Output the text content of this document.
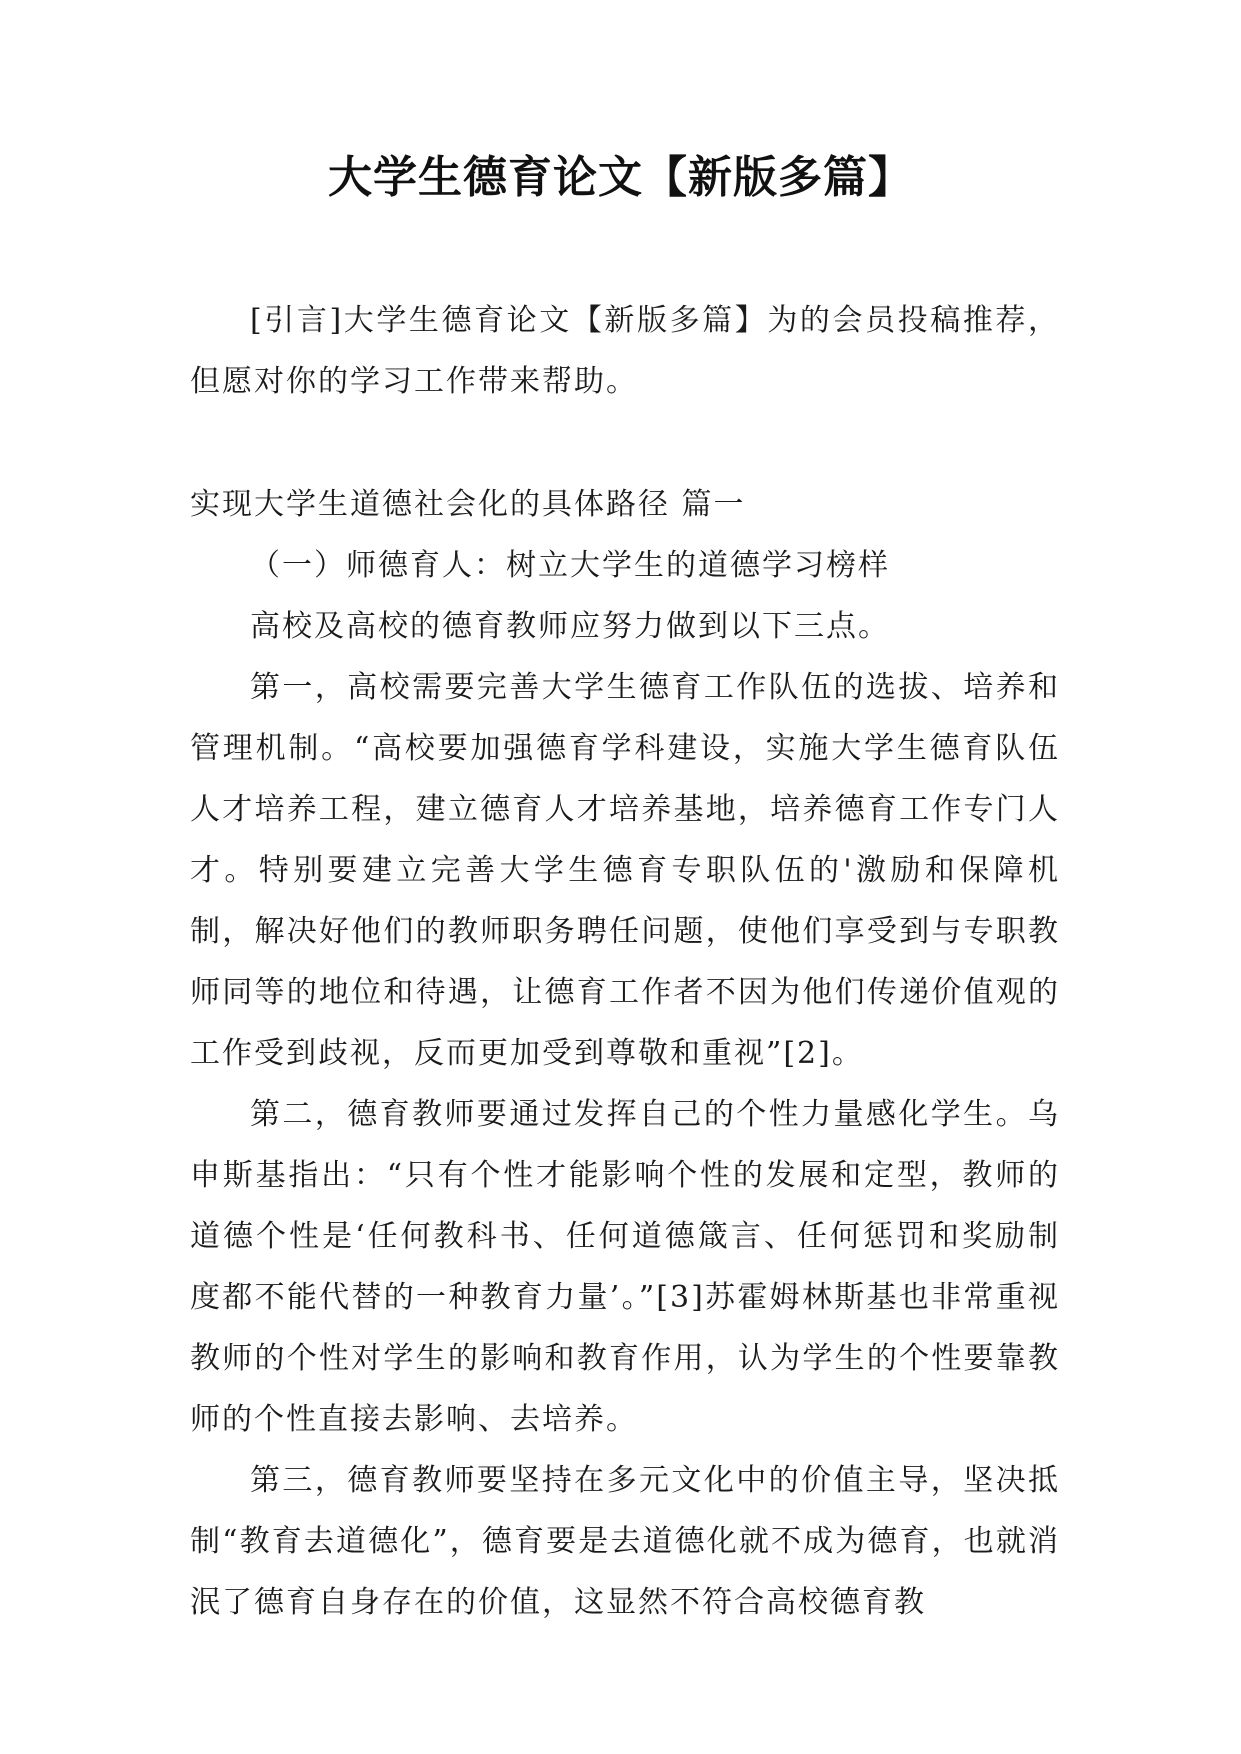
大学生德育论文【新版多篇】

[引言]大学生德育论文【新版多篇】为的会员投稿推荐，但愿对你的学习工作带来帮助。

实现大学生道德社会化的具体路径 篇一

（一）师德育人：树立大学生的道德学习榜样

高校及高校的德育教师应努力做到以下三点。

第一，高校需要完善大学生德育工作队伍的选拔、培养和管理机制。“高校要加强德育学科建设，实施大学生德育队伍人才培养工程，建立德育人才培养基地，培养德育工作专门人才。特别要建立完善大学生德育专职队伍的'激励和保障机制，解决好他们的教师职务聘任问题，使他们享受到与专职教师同等的地位和待遇，让德育工作者不因为他们传递价值观的工作受到歧视，反而更加受到尊敬和重视”[2]。

第二，德育教师要通过发挥自己的个性力量感化学生。乌申斯基指出：“只有个性才能影响个性的发展和定型，教师的道德个性是‘任何教科书、任何道德箴言、任何惩罚和奖励制度都不能代替的一种教育力量’。”[3]苏霍姆林斯基也非常重视教师的个性对学生的影响和教育作用，认为学生的个性要靠教师的个性直接去影响、去培养。

第三，德育教师要坚持在多元文化中的价值主导，坚决抵制“教育去道德化”，德育要是去道德化就不成为德育，也就消泯了德育自身存在的价值，这显然不符合高校德育教
